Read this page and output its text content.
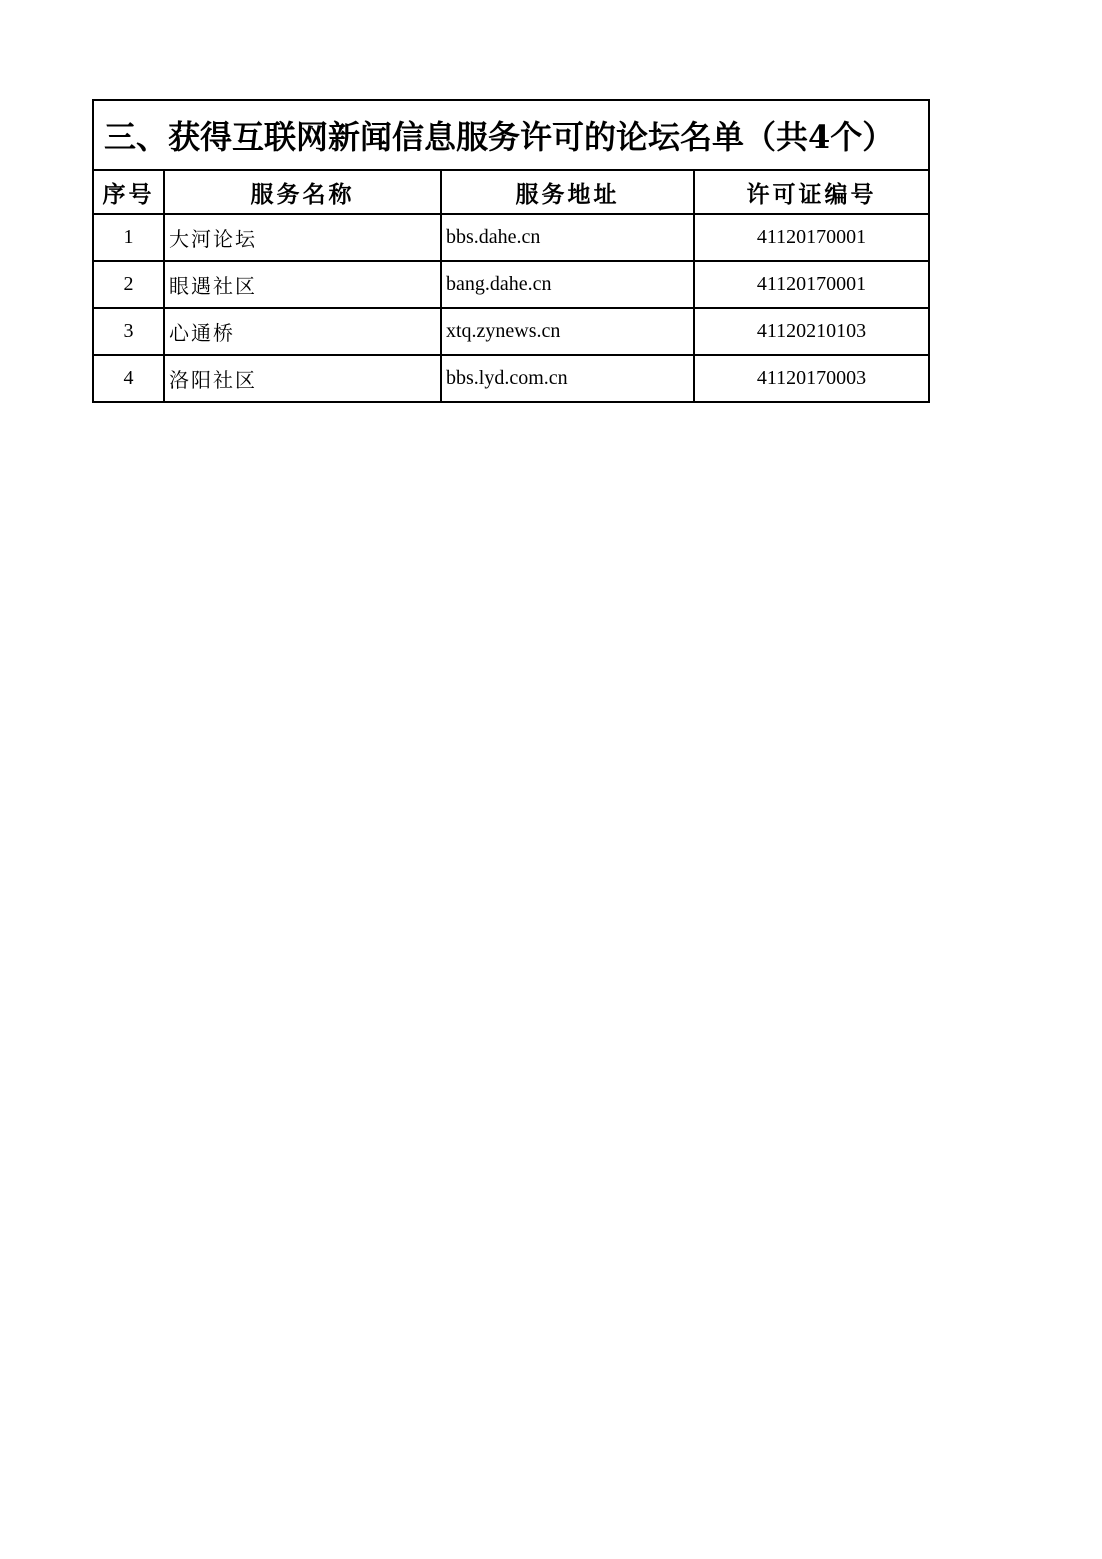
三、获得互联网新闻信息服务许可的论坛名单（共4个）			
序号	服务名称	服务地址	许可证编号
1	大河论坛	bbs.dahe.cn	41120170001
2	眼遇社区	bang.dahe.cn	41120170001
3	心通桥	xtq.zynews.cn	41120210103
4	洛阳社区	bbs.lyd.com.cn	41120170003
